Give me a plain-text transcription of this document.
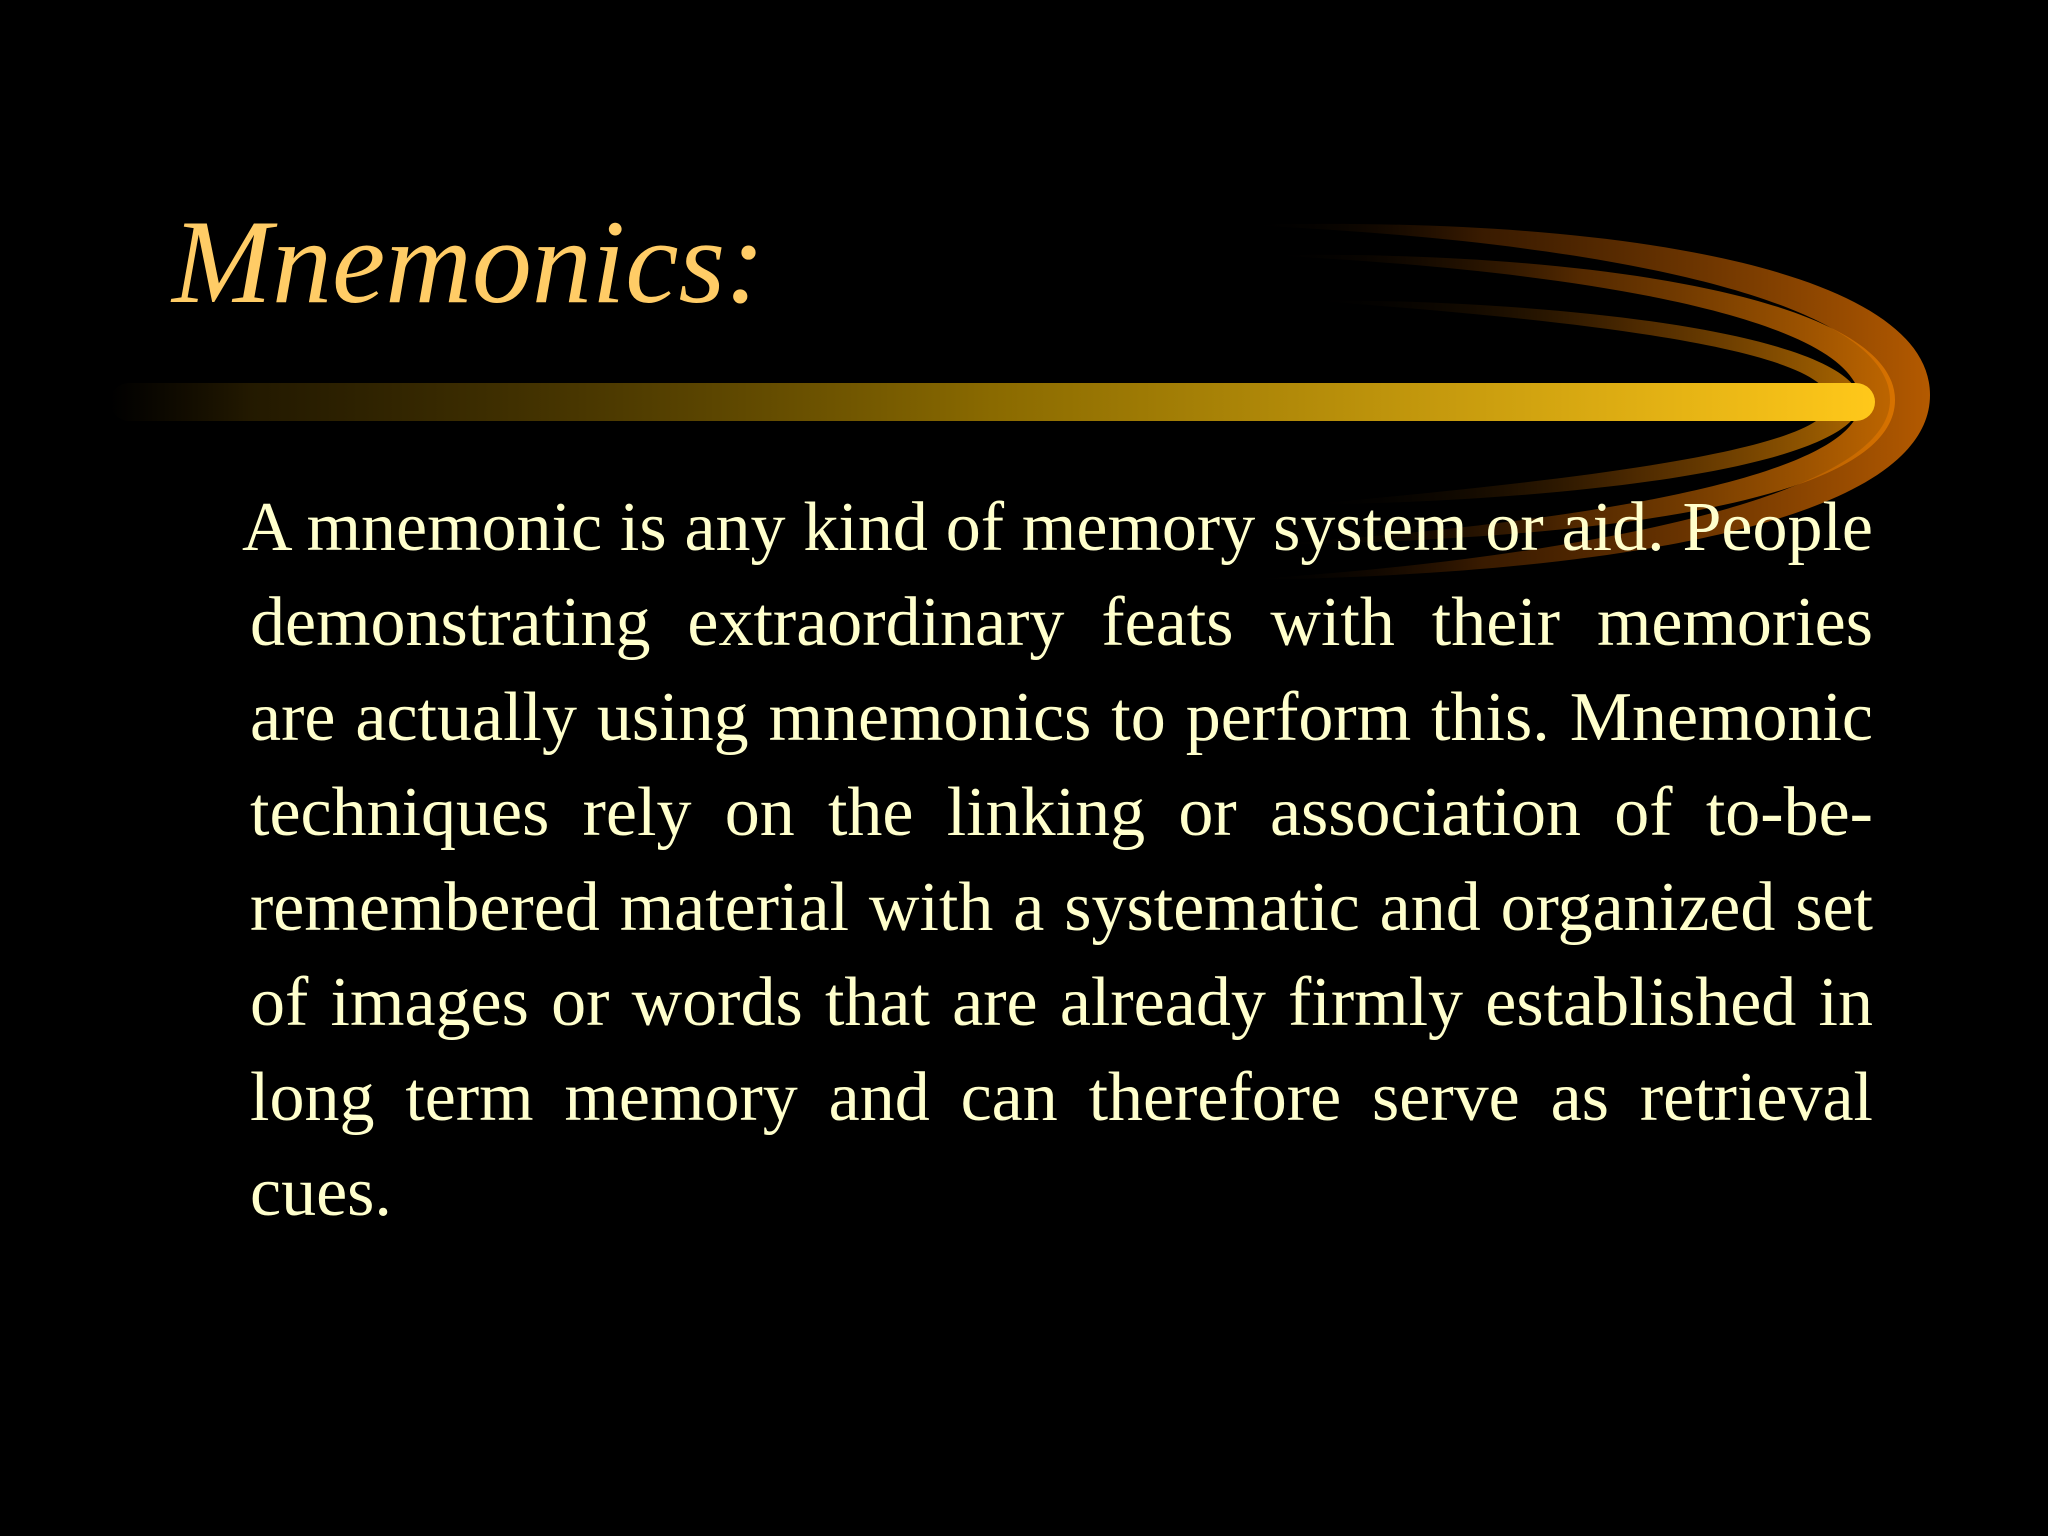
Mnemonics:

A mnemonic is any kind of memory system or aid. People demonstrating extraordinary feats with their memories are actually using mnemonics to perform this. Mnemonic techniques rely on the linking or association of to-be-remembered material with a systematic and organized set of images or words that are already firmly established in long term memory and can therefore serve as retrieval cues.
